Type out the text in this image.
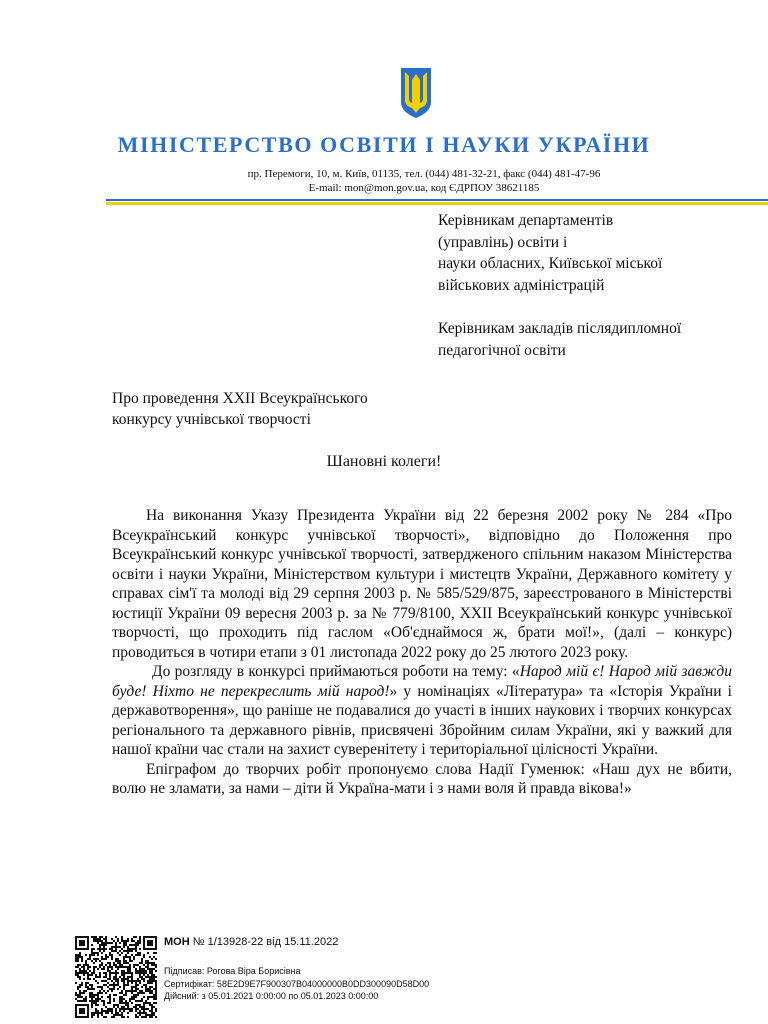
МІНІСТЕРСТВО ОСВІТИ І НАУКИ УКРАЇНИ
пр. Перемоги, 10, м. Київ, 01135, тел. (044) 481-32-21, факс (044) 481-47-96
E-mail: mon@mon.gov.ua, код ЄДРПОУ 38621185

Керівникам департаментів

(управлінь) освіти і

науки обласних, Київської міської

військових адміністрацій

Керівникам закладів післядипломної

педагогічної освіти

Про проведення XXII Всеукраїнського
конкурсу учнівської творчості
Шановні колеги!

На виконання Указу Президента України від 22 березня 2002 року № 284 «Про Всеукраїнський конкурс учнівської творчості», відповідно до Положення про Всеукраїнський конкурс учнівської творчості, затвердженого спільним наказом Міністерства освіти і науки України, Міністерством культури і мистецтв України, Державного комітету у справах сім'ї та молоді від 29 серпня 2003 р. № 585/529/875, зареєстрованого в Міністерстві юстиції України 09 вересня 2003 р. за № 779/8100, XXII Всеукраїнський конкурс учнівської творчості, що проходить під гаслом «Об'єднаймося ж, брати мої!», (далі – конкурс) проводиться в чотири етапи з 01 листопада 2022 року до 25 лютого 2023 року.

До розгляду в конкурсі приймаються роботи на тему: «Народ мій є! Народ мій завжди буде! Ніхто не перекреслить мій народ!» у номінаціях «Література» та «Історія України і державотворення», що раніше не подавалися до участі в інших наукових і творчих конкурсах регіонального та державного рівнів, присвячені Збройним силам України, які у важкий для нашої країни час стали на захист суверенітету і територіальної цілісності України.

Епіграфом до творчих робіт пропонуємо слова Надії Гуменюк: «Наш дух не вбити, волю не зламати, за нами – діти й Україна-мати і з нами воля й правда вікова!»

МОН № 1/13928-22 від 15.11.2022
Підписав: Рогова Віра Борисівна
Сертифікат: 58E2D9E7F900307B04000000B0DD300090D58D00
Дійсний: з 05.01.2021 0:00:00 по 05.01.2023 0:00:00
